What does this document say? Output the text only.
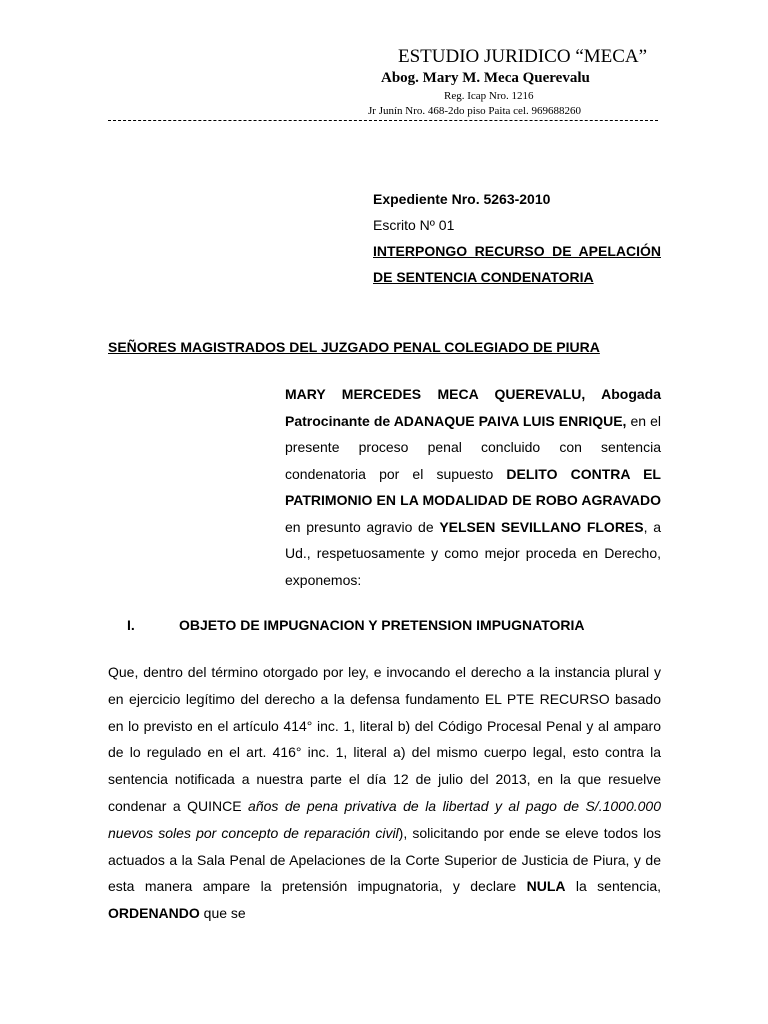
ESTUDIO JURIDICO “MECA”
Abog. Mary M. Meca Querevalu
Reg. Icap Nro. 1216
Jr Junín Nro. 468-2do piso Paita cel. 969688260
Expediente Nro. 5263-2010
Escrito Nº 01
INTERPONGO RECURSO DE APELACIÓN DE SENTENCIA CONDENATORIA
SEÑORES MAGISTRADOS DEL JUZGADO PENAL COLEGIADO DE PIURA
MARY MERCEDES MECA QUEREVALU, Abogada Patrocinante de ADANAQUE PAIVA LUIS ENRIQUE, en el presente proceso penal concluido con sentencia condenatoria por el supuesto DELITO CONTRA EL PATRIMONIO EN LA MODALIDAD DE ROBO AGRAVADO en presunto agravio de YELSEN SEVILLANO FLORES, a Ud., respetuosamente y como mejor proceda en Derecho, exponemos:
I.	OBJETO DE IMPUGNACION Y PRETENSION IMPUGNATORIA
Que, dentro del término otorgado por ley, e invocando el derecho a la instancia plural y en ejercicio legítimo del derecho a la defensa fundamento EL PTE RECURSO basado en lo previsto en el artículo 414° inc. 1, literal b) del Código Procesal Penal y al amparo de lo regulado en el art. 416° inc. 1, literal a) del mismo cuerpo legal, esto contra la sentencia notificada a nuestra parte el día 12 de julio del 2013, en la que resuelve condenar a QUINCE años de pena privativa de la libertad y al pago de S/.1000.000 nuevos soles por concepto de reparación civil), solicitando por ende se eleve todos los actuados a la Sala Penal de Apelaciones de la Corte Superior de Justicia de Piura, y de esta manera ampare la pretensión impugnatoria, y declare NULA la sentencia, ORDENANDO que se
